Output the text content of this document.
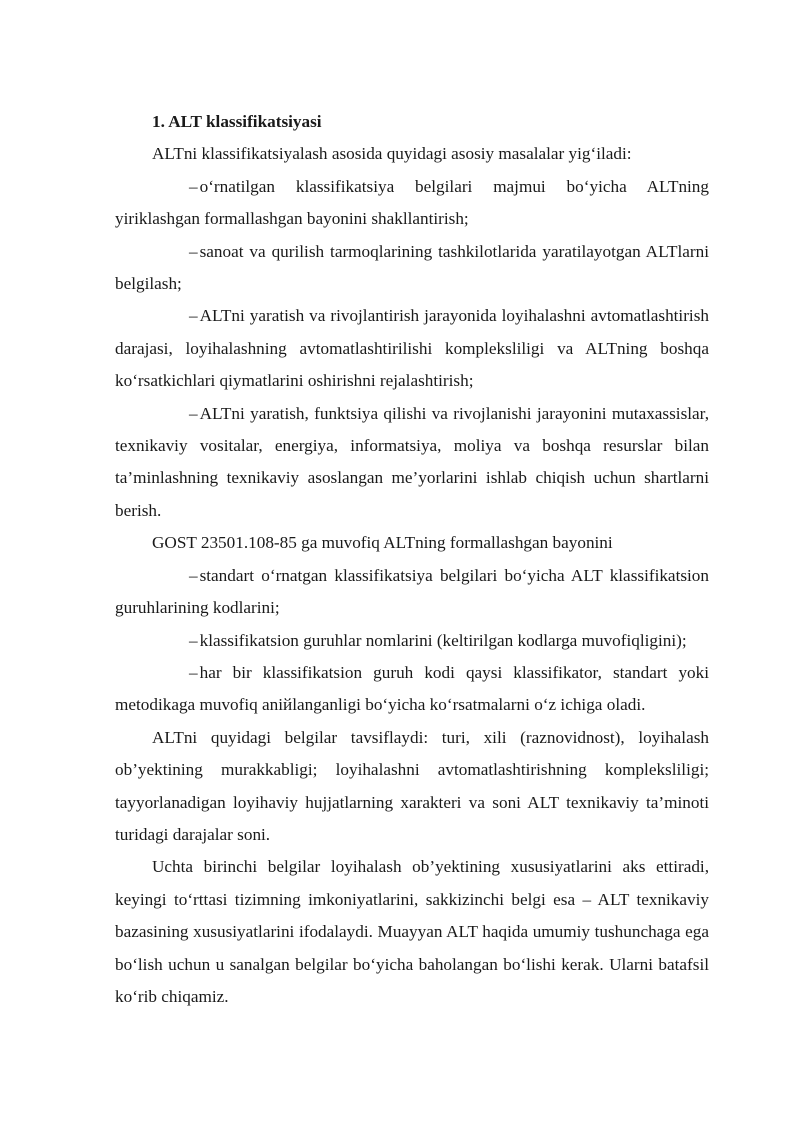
1. ALT klassifikatsiyasi

ALTni klassifikatsiyalash asosida quyidagi asosiy masalalar yig‘iladi:

– o‘rnatilgan klassifikatsiya belgilari majmui bo‘yicha ALTning yiriklashgan formallashgan bayonini shakllantirish;

– sanoat va qurilish tarmoqlarining tashkilotlarida yaratilayotgan ALTlarni belgilash;

– ALTni yaratish va rivojlantirish jarayonida loyihalashni avtomatlashtirish darajasi, loyihalashning avtomatlashtirilishi kompleksliligi va ALTning boshqa ko‘rsatkichlari qiymatlarini oshirishni rejalashtirish;

– ALTni yaratish, funktsiya qilishi va rivojlanishi jarayonini mutaxassislar, texnikaviy vositalar, energiya, informatsiya, moliya va boshqa resurslar bilan ta’minlashning texnikaviy asoslangan me’yorlarini ishlab chiqish uchun shartlarni berish.

GOST 23501.108-85 ga muvofiq ALTning formallashgan bayonini

– standart o‘rnatgan klassifikatsiya belgilari bo‘yicha ALT klassifikatsion guruhlarining kodlarini;

– klassifikatsion guruhlar nomlarini (keltirilgan kodlarga muvofiqligini);

– har bir klassifikatsion guruh kodi qaysi klassifikator, standart yoki metodikaga muvofiq aniйlanganligi bo‘yicha ko‘rsatmalarni o‘z ichiga oladi.

ALTni quyidagi belgilar tavsiflaydi: turi, xili (raznovidnost), loyihalash ob’yektining murakkabligi; loyihalashni avtomatlashtirishning kompleksliligi; tayyorlanadigan loyihaviy hujjatlarning xarakteri va soni ALT texnikaviy ta’minoti turidagi darajalar soni.

Uchta birinchi belgilar loyihalash ob’yektining xususiyatlarini aks ettiradi, keyingi to‘rttasi tizimning imkoniyatlarini, sakkizinchi belgi esa – ALT texnikaviy bazasining xususiyatlarini ifodalaydi. Muayyan ALT haqida umumiy tushunchaga ega bo‘lish uchun u sanalgan belgilar bo‘yicha baholangan bo‘lishi kerak. Ularni batafsil ko‘rib chiqamiz.
